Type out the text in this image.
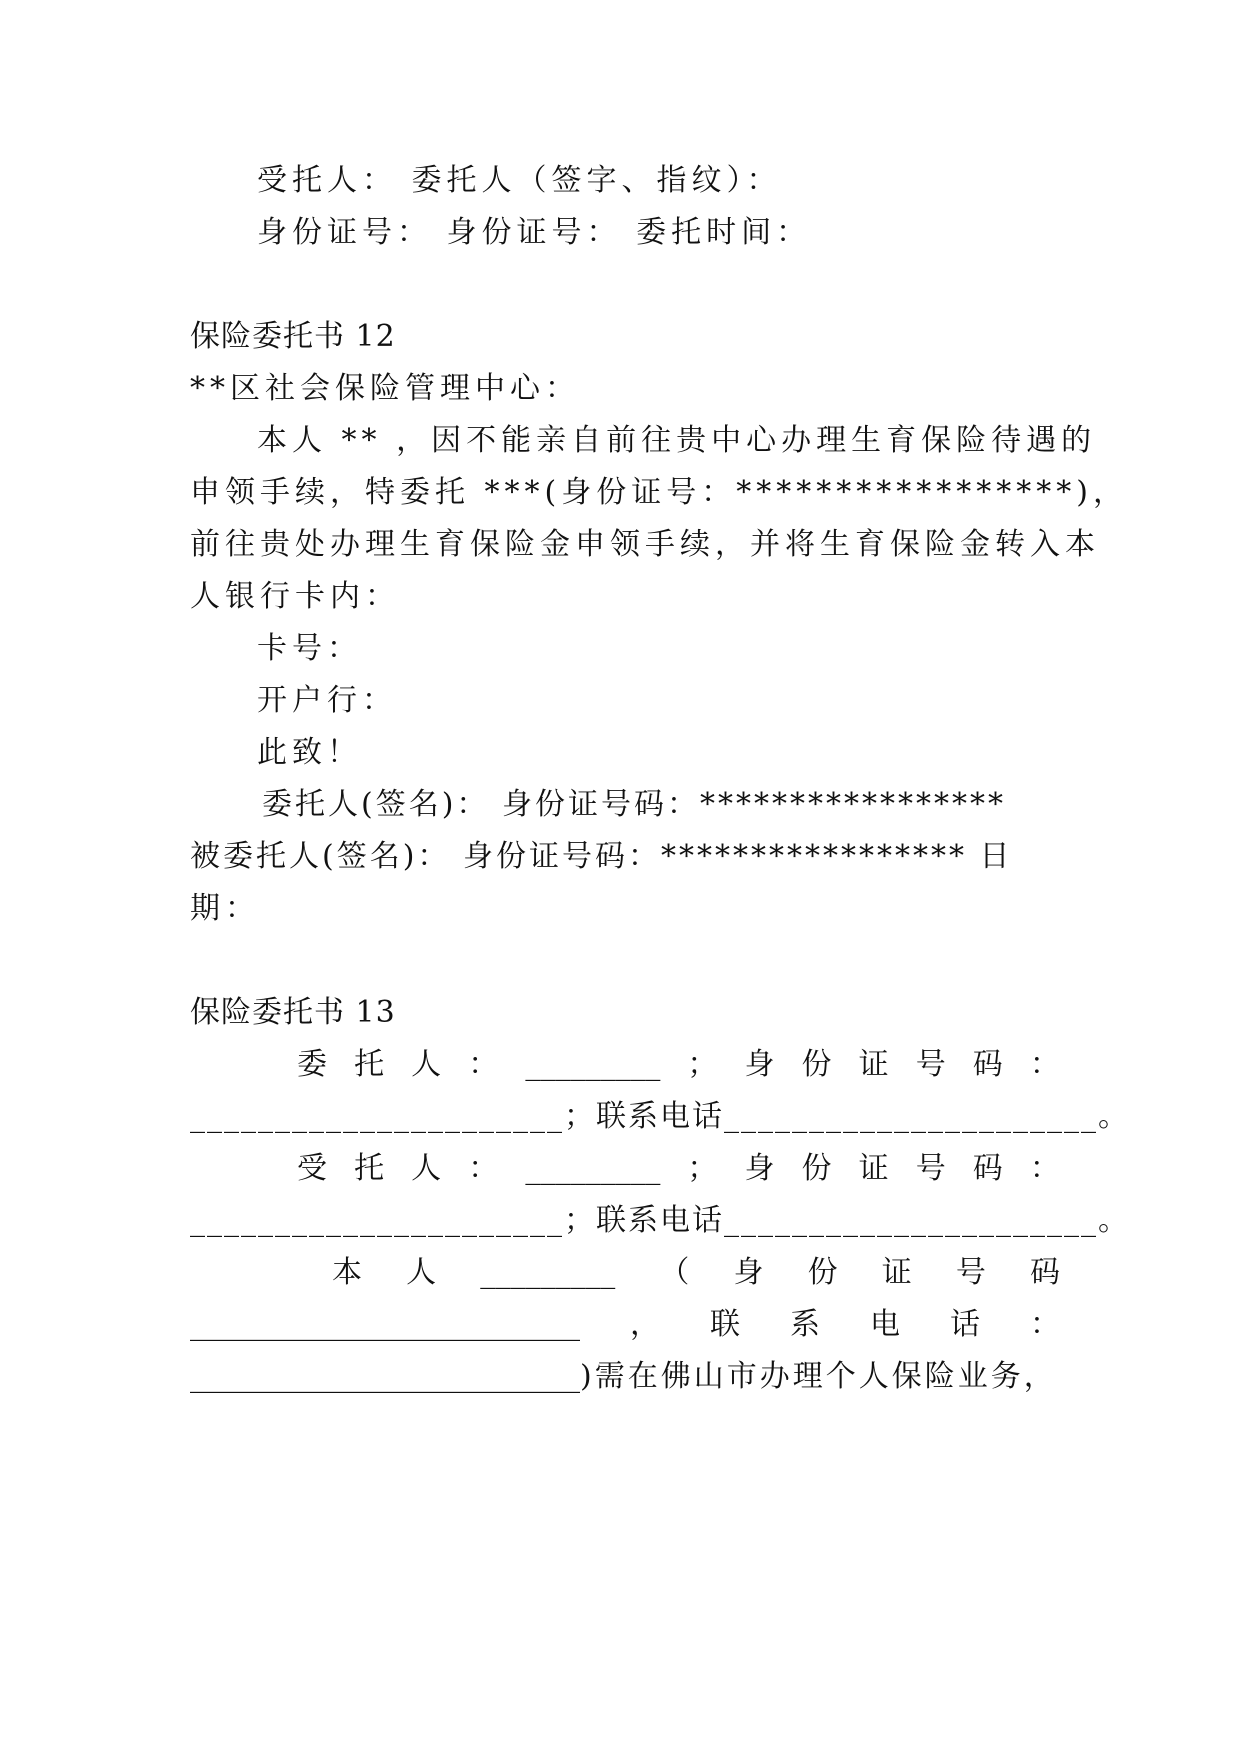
受托人： 委托人（签字、指纹）：
身份证号： 身份证号： 委托时间：
保险委托书 12
**区社会保险管理中心：
本人 ** ，因不能亲自前往贵中心办理生育保险待遇的
申领手续，特委托 ***(身份证号：*****************)，
前往贵处办理生育保险金申领手续，并将生育保险金转入本
人银行卡内：
卡号：
开户行：
此致！
委托人(签名)： 身份证号码：*****************
被委托人(签名)： 身份证号码：***************** 日
期：
保险委托书 13
委 托 人 ： _________ ； 身 份 证 号 码 ：
______________________；联系电话______________________。
受 托 人 ： _________ ； 身 份 证 号 码 ：
______________________；联系电话______________________。
本 人 _________ （ 身 份 证 号 码
__________________________ ， 联 系 电 话 ：
__________________________)需在佛山市办理个人保险业务，
